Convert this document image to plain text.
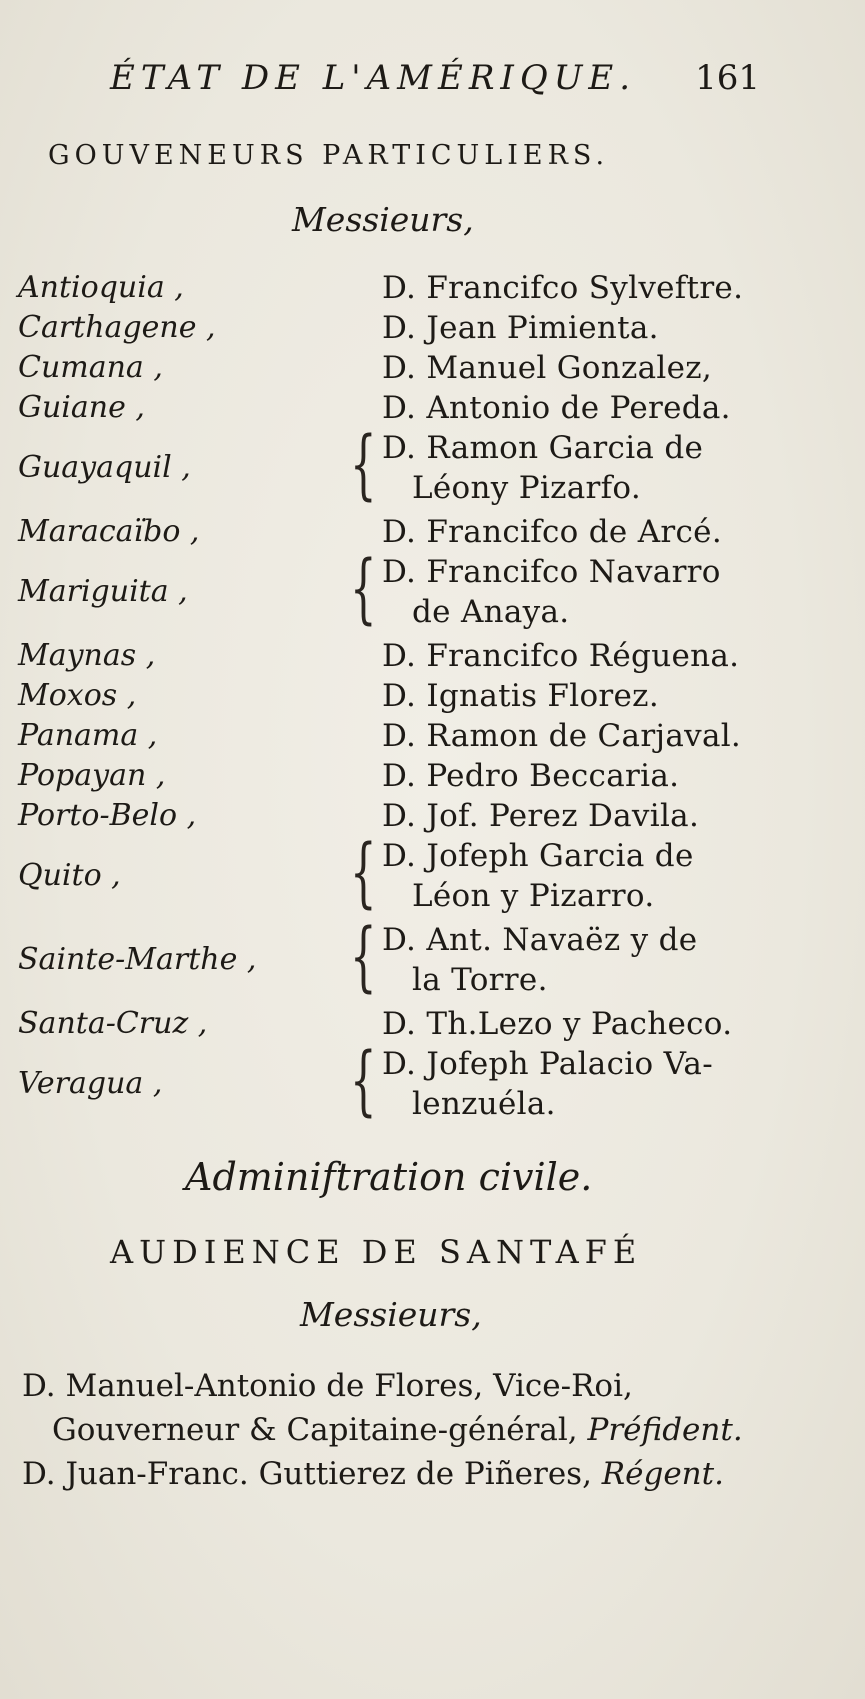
ÉTAT DE L'AMÉRIQUE. 161
GOUVENEURS PARTICULIERS.
Messieurs,
Antioquia ,	D. Francifco Sylveftre.
Carthagene ,	D. Jean Pimienta.
Cumana ,	D. Manuel Gonzalez,
Guiane ,	D. Antonio de Pereda.
Guayaquil , { D. Ramon Garcia de
Léony Pizarfo.
Maracaïbo ,	D. Francifco de Arcé.
Mariguita , { D. Francifco Navarro
de Anaya.
Maynas ,	D. Francifco Réguena.
Moxos ,	D. Ignatis Florez.
Panama ,	D. Ramon de Carjaval.
Popayan ,	D. Pedro Beccaria.
Porto-Belo ,	D. Jof. Perez Davila.
Quito ,	{ D. Jofeph Garcia de
Léon y Pizarro.
Sainte-Marthe , { D. Ant. Navaëz y de
la Torre.
Santa-Cruz ,	D. Th.Lezo y Pacheco.
Veragua , { D. Jofeph Palacio Va-
lenzuéla.
Adminiftration civile.
AUDIENCE DE SANTAFÉ
Messieurs,
D. Manuel-Antonio de Flores, Vice-Roi,
Gouverneur & Capitaine-général, Préfident.
D. Juan-Franc. Guttierez de Piñeres, Régent.
